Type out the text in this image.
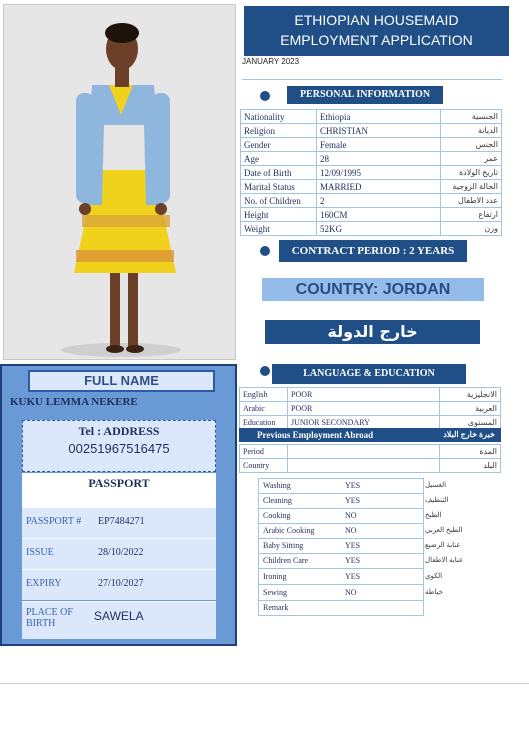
FULL NAME
KUKU LEMMA NEKERE
Tel : ADDRESS
00251967516475
PASSPORT
PASSPORT # EP7484271
ISSUE	28/10/2022
EXPIRY	27/10/2027
PLACE OF BIRTH
SAWELA
ETHIOPIAN HOUSEMAID
EMPLOYMENT APPLICATION
JANUARY 2023
PERSONAL INFORMATION
Nationality	Ethiopia	الجنسية
Religion	CHRISTIAN	الديانة
Gender	Female	الجنس
Age	28	عمر
Date of Birth	12/09/1995	تاريخ الولادة
Marital Status	MARRIED	الحالة الزوجية
No. of Children	2	عدد الاطفال
Height	160CM	ارتفاع
Weight	52KG	وزن
CONTRACT PERIOD : 2 YEARS
COUNTRY: JORDAN
خارج الدولة
LANGUAGE & EDUCATION
English	POOR	الانجليزية
Arabic	POOR	العربية
Education	JUNIOR SECONDARY	المستوى
Previous Employment Abroad	خبرة خارج البلاد
Period		المدة
Country		البلد
Washing	YES	الغسيل
Cleaning	YES	التنظيف
Cooking	NO	الطبخ
Arabic Cooking	NO	الطبخ العربي
Baby Sitting	YES	عناية الرضيع
Children Care	YES	عناية الاطفال
Ironing	YES	الكوي
Sewing	NO	خياطة
Remark
